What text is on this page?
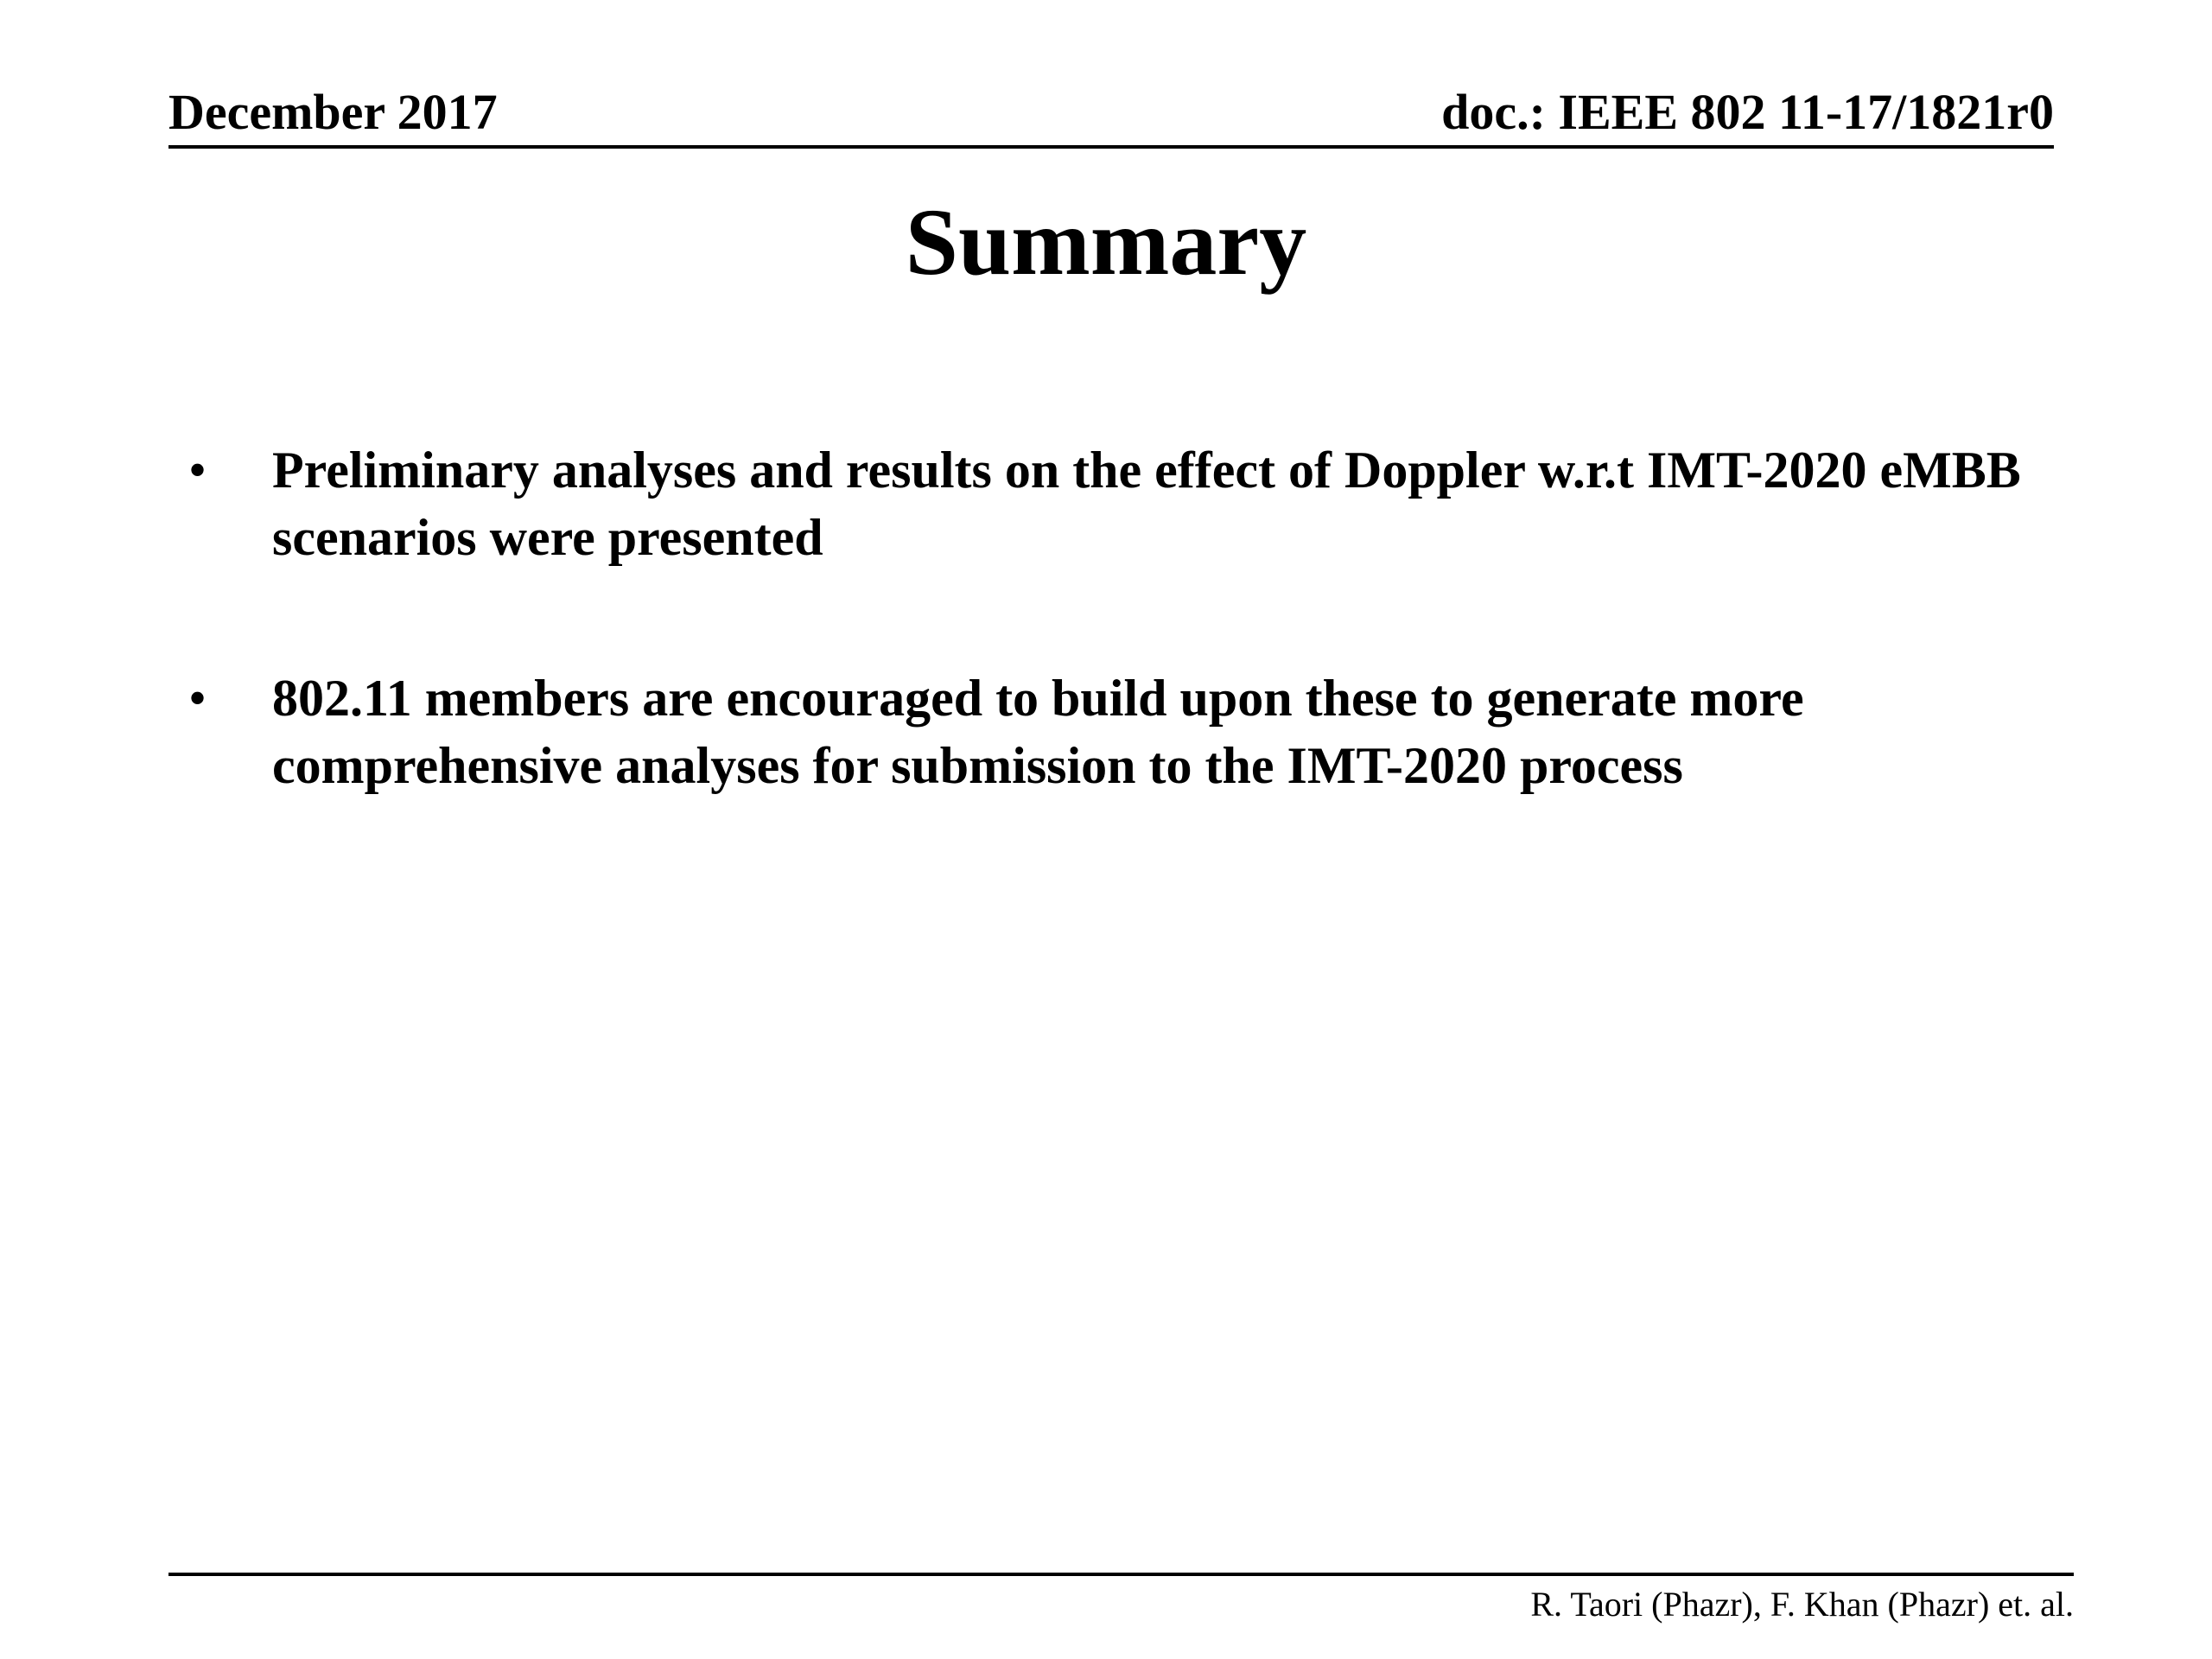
December 2017	doc.: IEEE 802 11-17/1821r0
Summary
• Preliminary analyses and results on the effect of Doppler w.r.t IMT-2020 eMBB scenarios were presented
• 802.11 members are encouraged to build upon these to generate more comprehensive analyses for submission to the IMT-2020 process
R. Taori (Phazr), F. Khan (Phazr) et. al.
